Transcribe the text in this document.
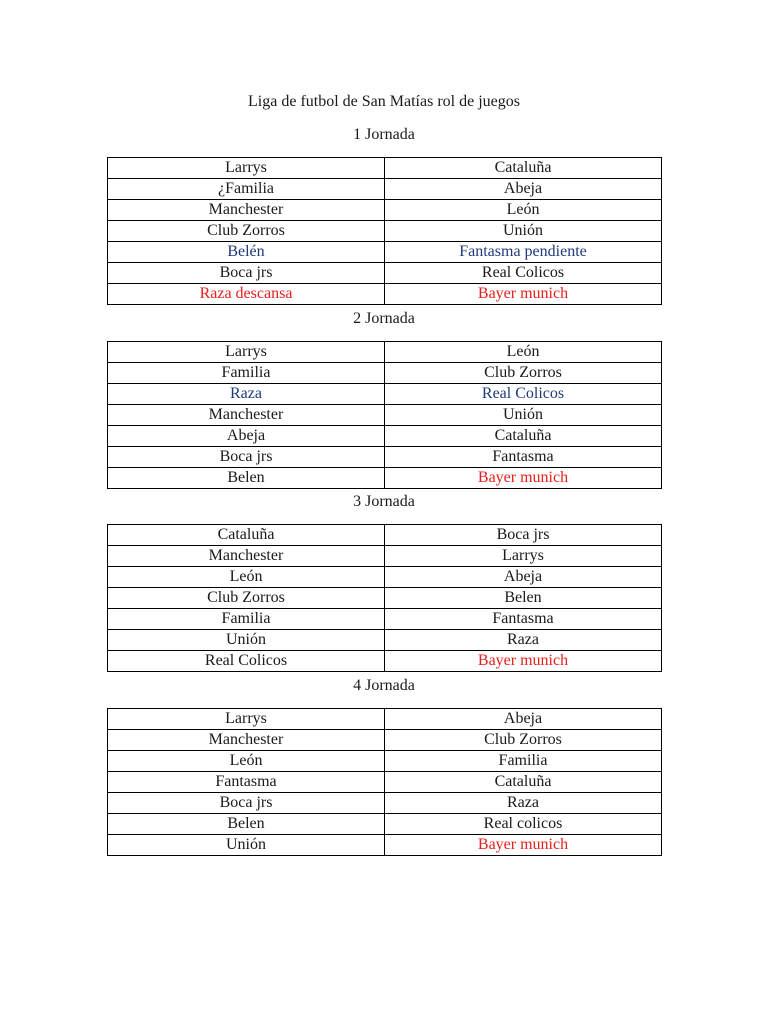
Liga de futbol de San Matías rol de juegos
1 Jornada
Larrys	Cataluña
¿Familia	Abeja
Manchester	León
Club Zorros	Unión
Belén	Fantasma pendiente
Boca jrs	Real Colicos
Raza descansa	Bayer munich
2 Jornada
Larrys	León
Familia	Club Zorros
Raza	Real Colicos
Manchester	Unión
Abeja	Cataluña
Boca jrs	Fantasma
Belen	Bayer munich
3 Jornada
Cataluña	Boca jrs
Manchester	Larrys
León	Abeja
Club Zorros	Belen
Familia	Fantasma
Unión	Raza
Real Colicos	Bayer munich
4 Jornada
Larrys	Abeja
Manchester	Club Zorros
León	Familia
Fantasma	Cataluña
Boca jrs	Raza
Belen	Real colicos
Unión	Bayer munich
